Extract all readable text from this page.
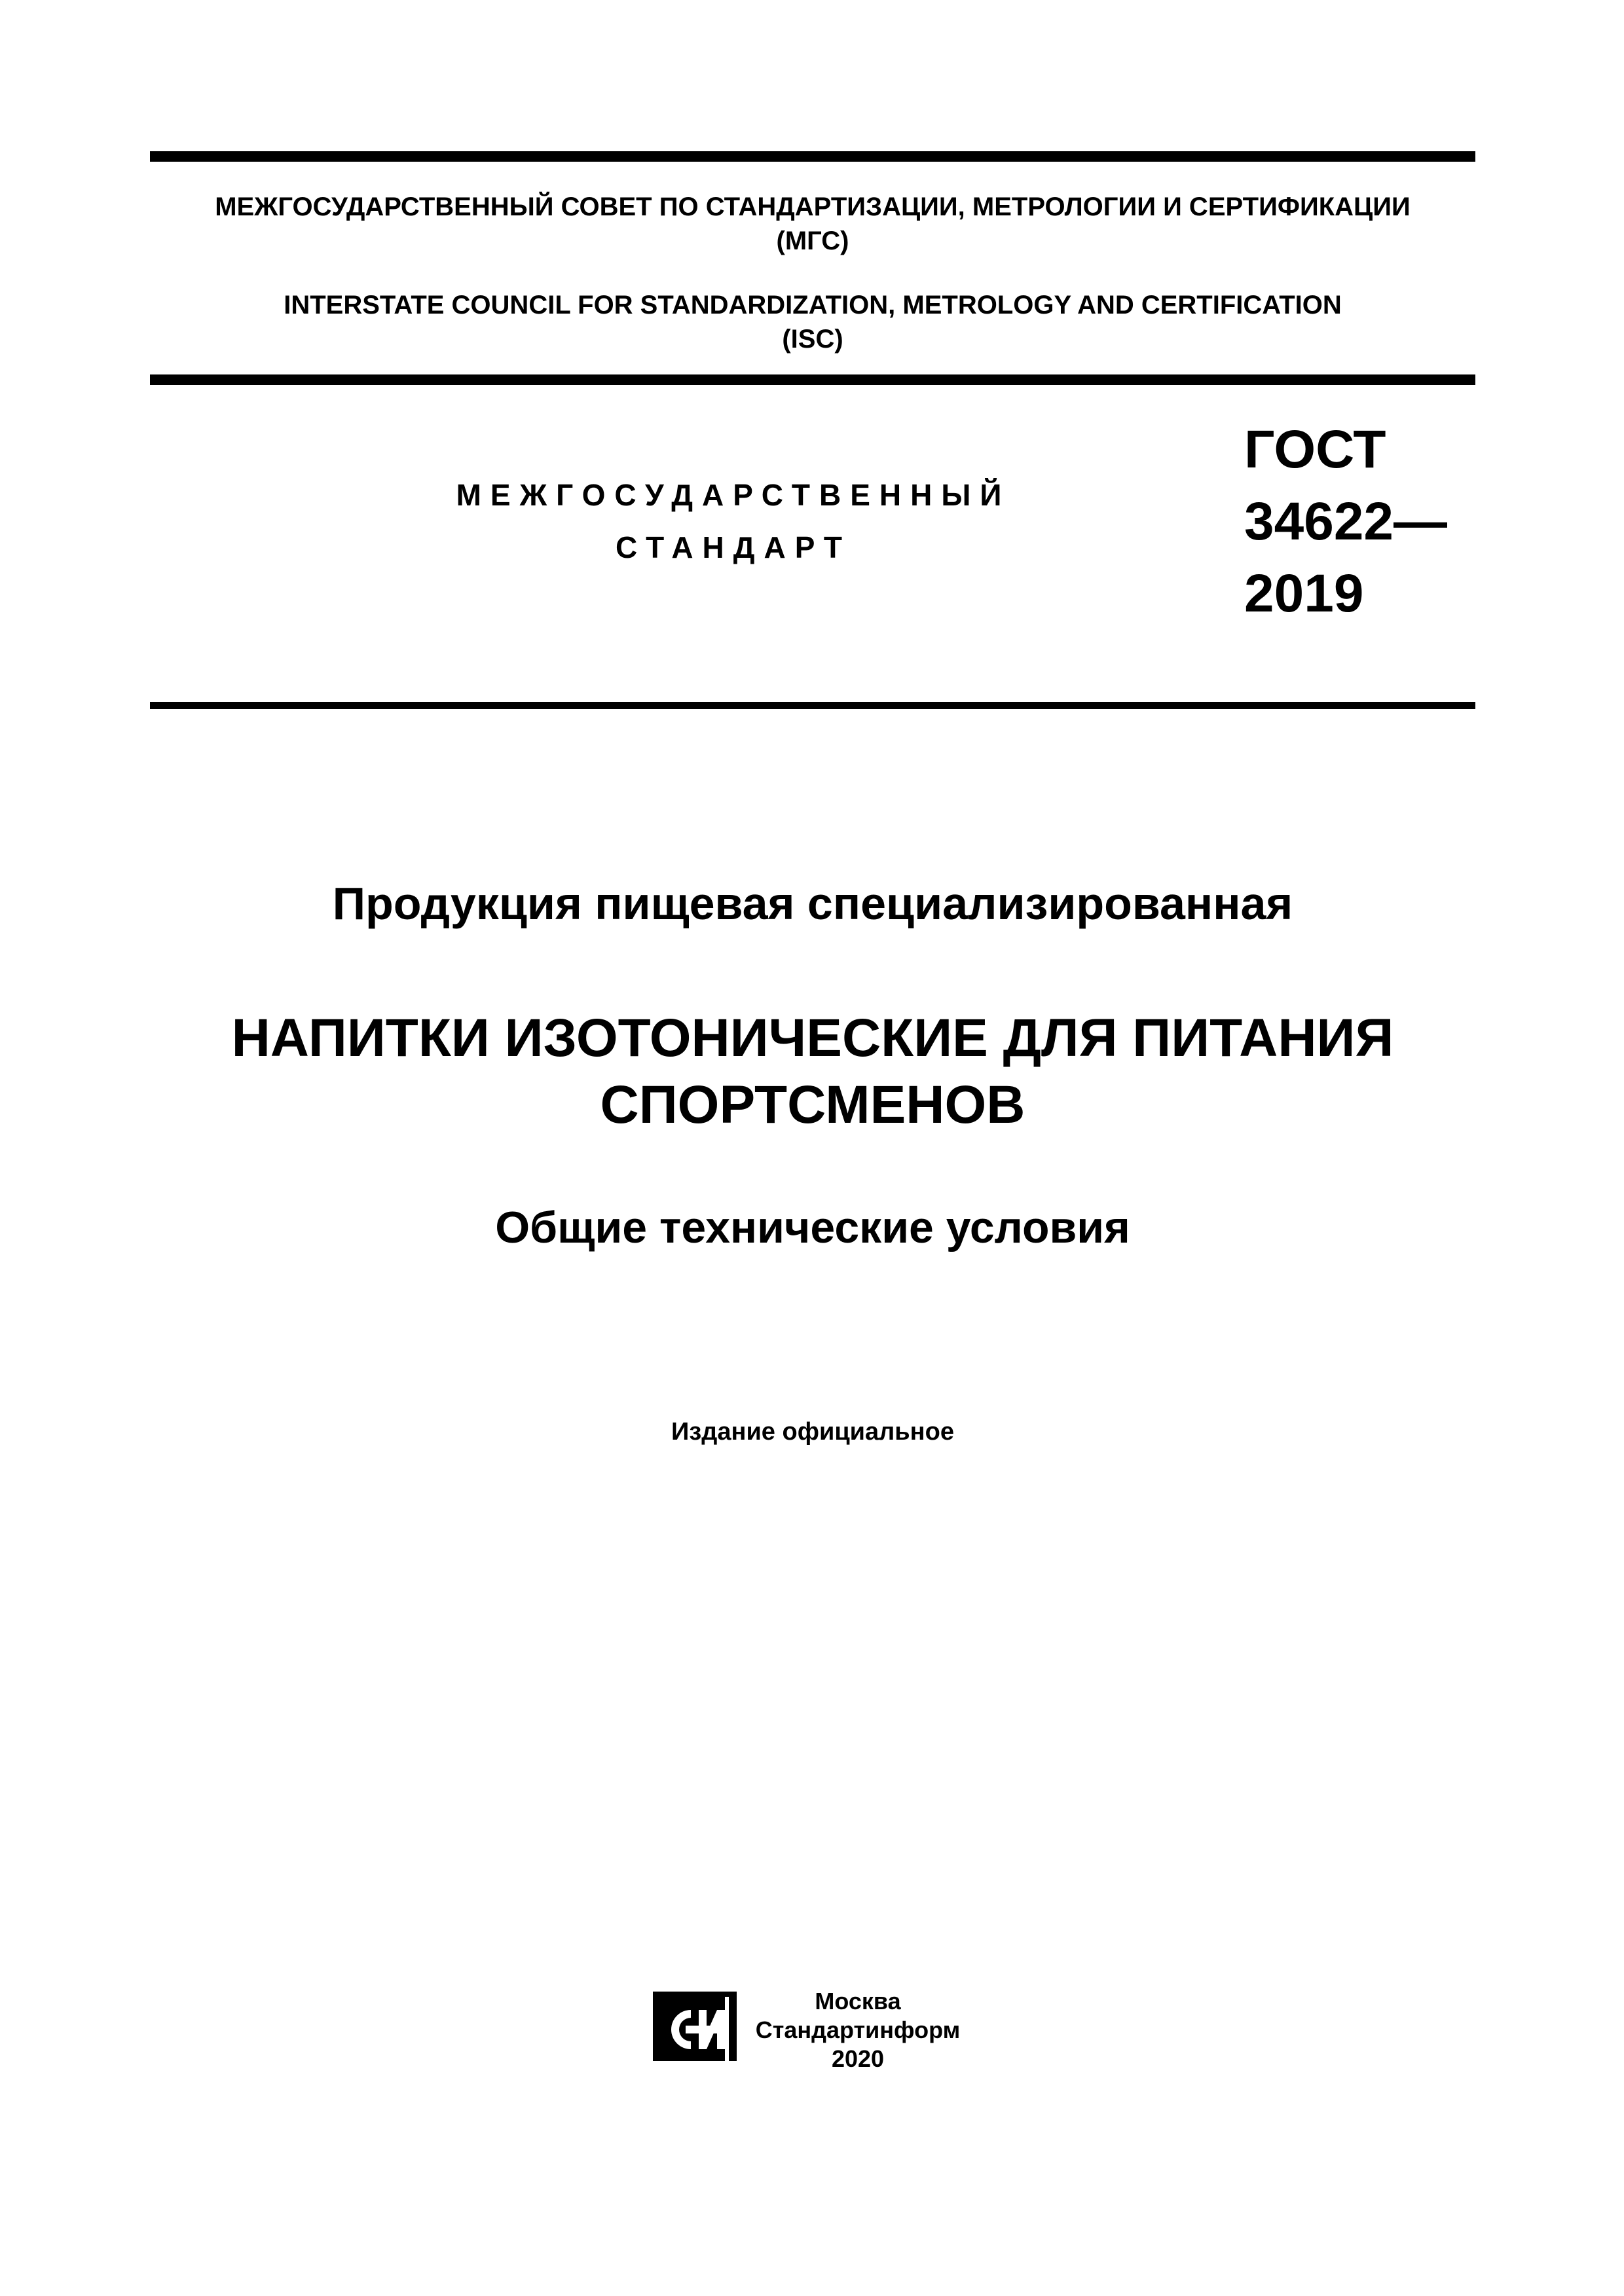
МЕЖГОСУДАРСТВЕННЫЙ СОВЕТ ПО СТАНДАРТИЗАЦИИ, МЕТРОЛОГИИ И СЕРТИФИКАЦИИ
(МГС)
INTERSTATE COUNCIL FOR STANDARDIZATION, METROLOGY AND CERTIFICATION
(ISC)
МЕЖГОСУДАРСТВЕННЫЙ
СТАНДАРТ
ГОСТ
34622—
2019
Продукция пищевая специализированная
НАПИТКИ ИЗОТОНИЧЕСКИЕ ДЛЯ ПИТАНИЯ
СПОРТСМЕНОВ
Общие технические условия
Издание официальное
Москва
Стандартинформ
2020
